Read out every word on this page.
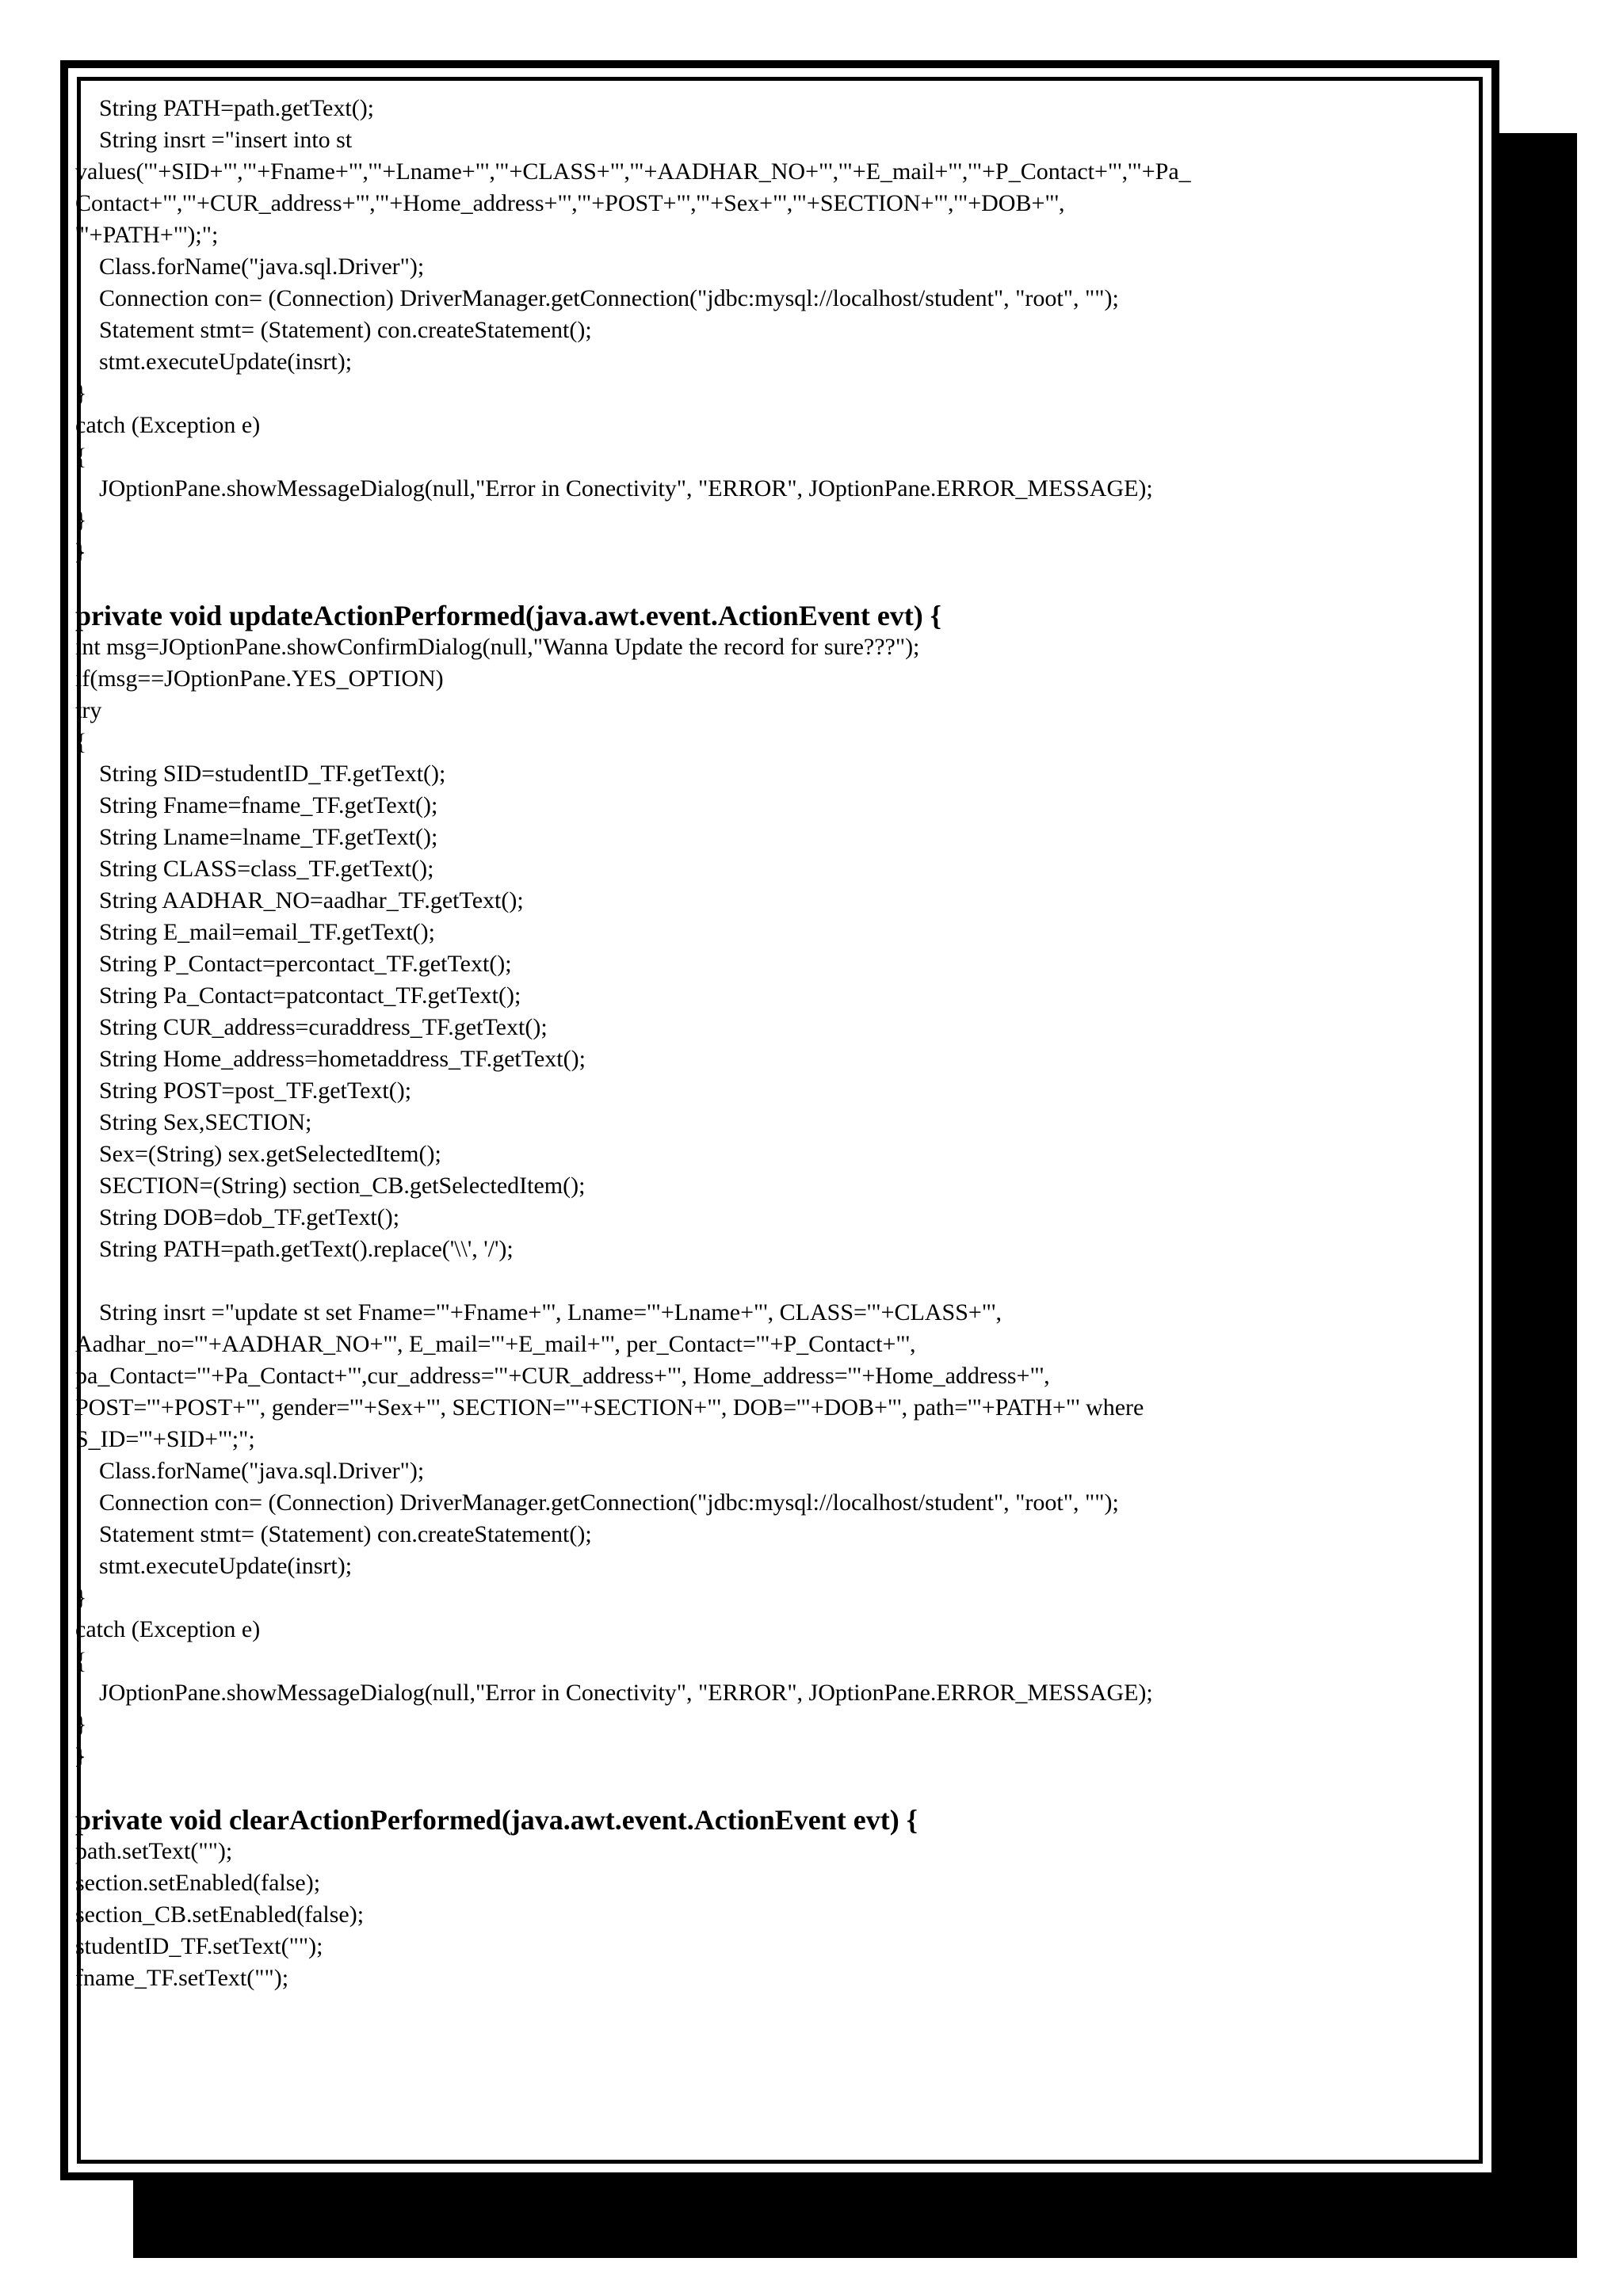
String PATH=path.getText();
String insrt ="insert into st
values('"+SID+"','"+Fname+"','"+Lname+"','"+CLASS+"','"+AADHAR_NO+"','"+E_mail+"','"+P_Contact+"','"+Pa_
Contact+"','"+CUR_address+"','"+Home_address+"','"+POST+"','"+Sex+"','"+SECTION+"','"+DOB+"',
'"+PATH+"');";
Class.forName("java.sql.Driver");
Connection con= (Connection) DriverManager.getConnection("jdbc:mysql://localhost/student", "root", "");
Statement stmt= (Statement) con.createStatement();
stmt.executeUpdate(insrt);
}
catch (Exception e)
{
JOptionPane.showMessageDialog(null,"Error in Conectivity", "ERROR", JOptionPane.ERROR_MESSAGE);
}
}
private void updateActionPerformed(java.awt.event.ActionEvent evt) {
int msg=JOptionPane.showConfirmDialog(null,"Wanna Update the record for sure???");
if(msg==JOptionPane.YES_OPTION)
try
{
String SID=studentID_TF.getText();
String Fname=fname_TF.getText();
String Lname=lname_TF.getText();
String CLASS=class_TF.getText();
String AADHAR_NO=aadhar_TF.getText();
String E_mail=email_TF.getText();
String P_Contact=percontact_TF.getText();
String Pa_Contact=patcontact_TF.getText();
String CUR_address=curaddress_TF.getText();
String Home_address=hometaddress_TF.getText();
String POST=post_TF.getText();
String Sex,SECTION;
Sex=(String) sex.getSelectedItem();
SECTION=(String) section_CB.getSelectedItem();
String DOB=dob_TF.getText();
String PATH=path.getText().replace('\\', '/');
String insrt ="update st set Fname='"+Fname+"', Lname='"+Lname+"', CLASS='"+CLASS+"',
Aadhar_no='"+AADHAR_NO+"', E_mail='"+E_mail+"', per_Contact='"+P_Contact+"',
pa_Contact='"+Pa_Contact+"',cur_address='"+CUR_address+"', Home_address='"+Home_address+"',
POST='"+POST+"', gender='"+Sex+"', SECTION='"+SECTION+"', DOB='"+DOB+"', path='"+PATH+"' where
S_ID='"+SID+"';";
Class.forName("java.sql.Driver");
Connection con= (Connection) DriverManager.getConnection("jdbc:mysql://localhost/student", "root", "");
Statement stmt= (Statement) con.createStatement();
stmt.executeUpdate(insrt);
}
catch (Exception e)
{
JOptionPane.showMessageDialog(null,"Error in Conectivity", "ERROR", JOptionPane.ERROR_MESSAGE);
}
}
private void clearActionPerformed(java.awt.event.ActionEvent evt) {
path.setText("");
section.setEnabled(false);
section_CB.setEnabled(false);
studentID_TF.setText("");
fname_TF.setText("");
